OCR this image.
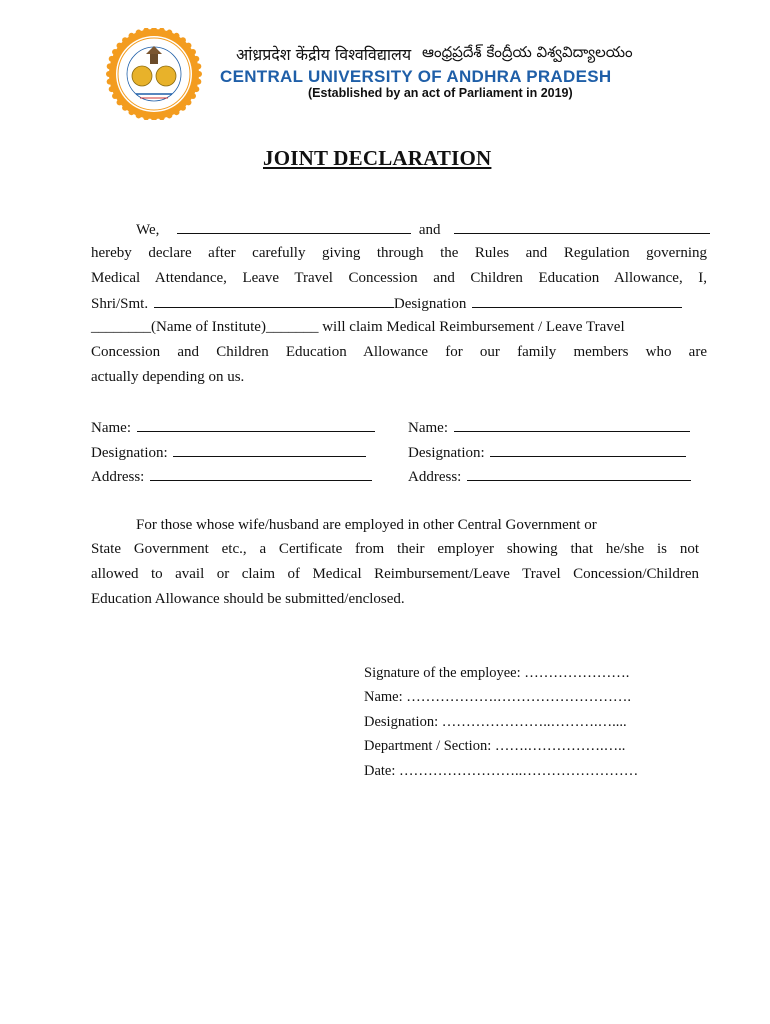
आंध्रप्रदेश केंद्रीय विश्वविद्यालय ఆంధ్రప్రదేశ్ కేంద్రీయ విశ్వవిద్యాలయం
CENTRAL UNIVERSITY OF ANDHRA PRADESH
(Established by an act of Parliament in 2019)
JOINT DECLARATION
We,	and
hereby declare after carefully giving through the Rules and Regulation governing
Medical Attendance, Leave Travel Concession and Children Education Allowance, I,
Shri/Smt.	Designation
________(Name of Institute)_______ will claim Medical Reimbursement / Leave Travel
Concession and Children Education Allowance for our family members who are
actually depending on us.
Name:
Designation:
Address:
Name:
Designation:
Address:
For those whose wife/husband are employed in other Central Government or
State Government etc., a Certificate from their employer showing that he/she is not
allowed to avail or claim of Medical Reimbursement/Leave Travel Concession/Children
Education Allowance should be submitted/enclosed.
Signature of the employee: ………………….
Name: ……………….……………………….
Designation: …………………..……….…....
Department / Section: …….…………….…..
Date: ……………………..……………………
